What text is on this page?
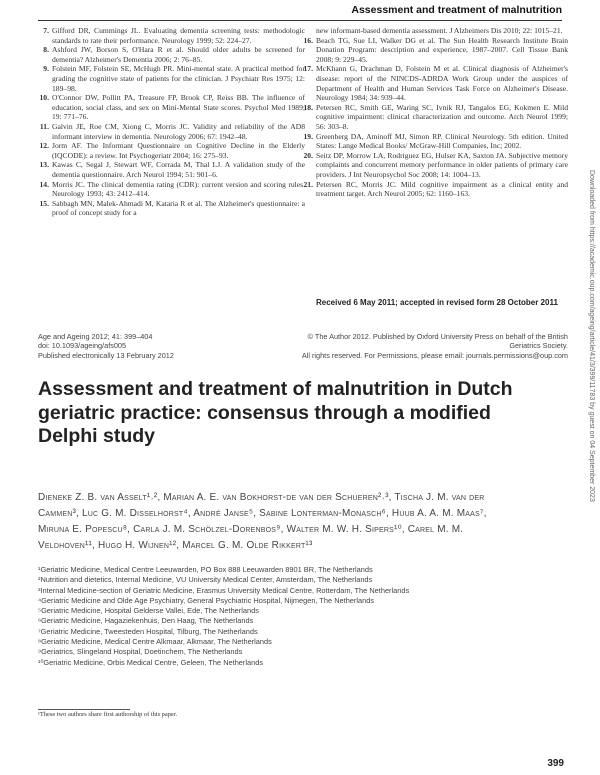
Assessment and treatment of malnutrition
7. Gifford DR, Cummings JL. Evaluating dementia screening tests: methodologic standards to rate their performance. Neurology 1999; 52: 224–27.
8. Ashford JW, Borson S, O'Hara R et al. Should older adults be screened for dementia? Alzheimer's Dementia 2006; 2: 76–85.
9. Folstein MF, Folstein SE, McHugh PR. Mini-mental state. A practical method for grading the cognitive state of patients for the clinician. J Psychiatr Res 1975; 12: 189–98.
10. O'Connor DW, Pollitt PA, Treasure FP, Brook CP, Reiss BB. The influence of education, social class, and sex on Mini-Mental State scores. Psychol Med 1989; 19: 771–76.
11. Galvin JE, Roe CM, Xiong C, Morris JC. Validity and reliability of the AD8 informant interview in dementia. Neurology 2006; 67: 1942–48.
12. Jorm AF. The Informant Questionnaire on Cognitive Decline in the Elderly (IQCODE): a review. Int Psychogeriatr 2004; 16: 275–93.
13. Kawas C, Segal J, Stewart WF, Corrada M, Thal LJ. A validation study of the dementia questionnaire. Arch Neurol 1994; 51: 901–6.
14. Morris JC. The clinical dementia rating (CDR): current version and scoring rules. Neurology 1993; 43: 2412–414.
15. Sabbagh MN, Malek-Ahmadi M, Kataria R et al. The Alzheimer's questionnaire: a proof of concept study for a
new informant-based dementia assessment. J Alzheimers Dis 2010; 22: 1015–21.
16. Beach TG, Sue LI, Walker DG et al. The Sun Health Research Institute Brain Donation Program: description and experience, 1987–2007. Cell Tissue Bank 2008; 9: 229–45.
17. McKhann G, Drachman D, Folstein M et al. Clinical diagnosis of Alzheimer's disease: report of the NINCDS-ADRDA Work Group under the auspices of Department of Health and Human Services Task Force on Alzheimer's Disease. Neurology 1984; 34: 939–44.
18. Petersen RC, Smith GE, Waring SC, Ivnik RJ, Tangalos EG, Kokmen E. Mild cognitive impairment: clinical characterization and outcome. Arch Neurol 1999; 56: 303–8.
19. Greenberg DA, Aminoff MJ, Simon RP. Clinical Neurology. 5th edition. United States: Lange Medical Books/ McGraw-Hill Companies, Inc; 2002.
20. Seitz DP, Morrow LA, Rodriguez EG, Hulser KA, Saxton JA. Subjective memory complaints and concurrent memory performance in older patients of primary care providers. J Int Neuropsychol Soc 2008; 14: 1004–13.
21. Petersen RC, Morris JC. Mild cognitive impairment as a clinical entity and treatment target. Arch Neurol 2005; 62: 1160–163.
Received 6 May 2011; accepted in revised form 28 October 2011
Age and Ageing 2012; 41: 399–404
doi: 10.1093/ageing/afs005
Published electronically 13 February 2012
© The Author 2012. Published by Oxford University Press on behalf of the British Geriatrics Society.
All rights reserved. For Permissions, please email: journals.permissions@oup.com
Assessment and treatment of malnutrition in Dutch geriatric practice: consensus through a modified Delphi study
Dieneke Z. B. van Asselt¹˒², Marian A. E. van Bokhorst-de van der Schueren²˒³, Tischa J. M. van der
Cammen³, Luc G. M. Disselhorst⁴, André Janse⁵, Sabine Lonterman-Monasch⁶, Huub A. A. M. Maas⁷,
Miruna E. Popescu⁸, Carla J. M. Schölzel-Dorenbos⁹, Walter M. W. H. Sipers¹⁰, Carel M. M.
Veldhoven¹¹, Hugo H. Wijnen¹², Marcel G. M. Olde Rikkert¹³
¹Geriatric Medicine, Medical Centre Leeuwarden, PO Box 888 Leeuwarden 8901 BR, The Netherlands
²Nutrition and dietetics, Internal Medicine, VU University Medical Center, Amsterdam, The Netherlands
³Internal Medicine-section of Geriatric Medicine, Erasmus University Medical Centre, Rotterdam, The Netherlands
⁴Geriatric Medicine and Olde Age Psychiatry, General Psychiatric Hospital, Nijmegen, The Netherlands
⁵Geriatric Medicine, Hospital Gelderse Vallei, Ede, The Netherlands
⁶Geriatric Medicine, Hagaziekenhuis, Den Haag, The Netherlands
⁷Geriatric Medicine, Tweesteden Hospital, Tilburg, The Netherlands
⁸Geriatric Medicine, Medical Centre Alkmaar, Alkmaar, The Netherlands
⁹Geriatrics, Slingeland Hospital, Doetinchem, The Netherlands
¹⁰Geriatric Medicine, Orbis Medical Centre, Geleen, The Netherlands
¹These two authors share first authorship of this paper.
399
Downloaded from https://academic.oup.com/ageing/article/41/3/399/11783 by guest on 04 September 2023
